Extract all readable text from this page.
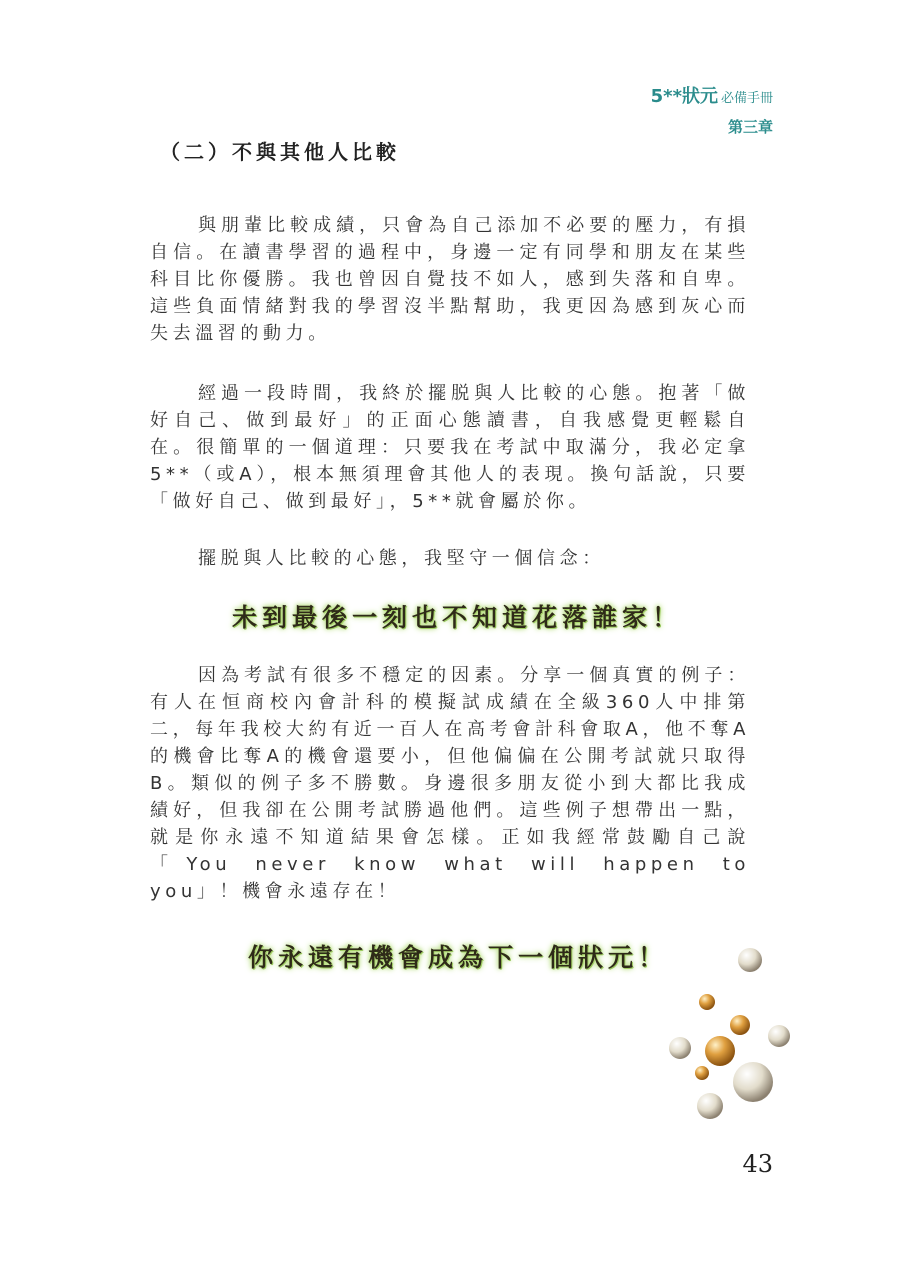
5**狀元 必備手冊
第三章
（二）不與其他人比較
與朋輩比較成績，只會為自己添加不必要的壓力，有損自信。在讀書學習的過程中，身邊一定有同學和朋友在某些科目比你優勝。我也曾因自覺技不如人，感到失落和自卑。這些負面情緒對我的學習沒半點幫助，我更因為感到灰心而失去溫習的動力。
經過一段時間，我終於擺脱與人比較的心態。抱著「做好自己、做到最好」的正面心態讀書，自我感覺更輕鬆自在。很簡單的一個道理：只要我在考試中取滿分，我必定拿5**（或A），根本無須理會其他人的表現。換句話說，只要「做好自己、做到最好」，5**就會屬於你。
擺脱與人比較的心態，我堅守一個信念：
未到最後一刻也不知道花落誰家！
因為考試有很多不穩定的因素。分享一個真實的例子：有人在恒商校內會計科的模擬試成績在全級360人中排第二，每年我校大約有近一百人在高考會計科會取A，他不奪A的機會比奪A的機會還要小，但他偏偏在公開考試就只取得B。類似的例子多不勝數。身邊很多朋友從小到大都比我成績好，但我卻在公開考試勝過他們。這些例子想帶出一點，就是你永遠不知道結果會怎樣。正如我經常鼓勵自己說「You never know what will happen to you」！機會永遠存在！
你永遠有機會成為下一個狀元！
43
